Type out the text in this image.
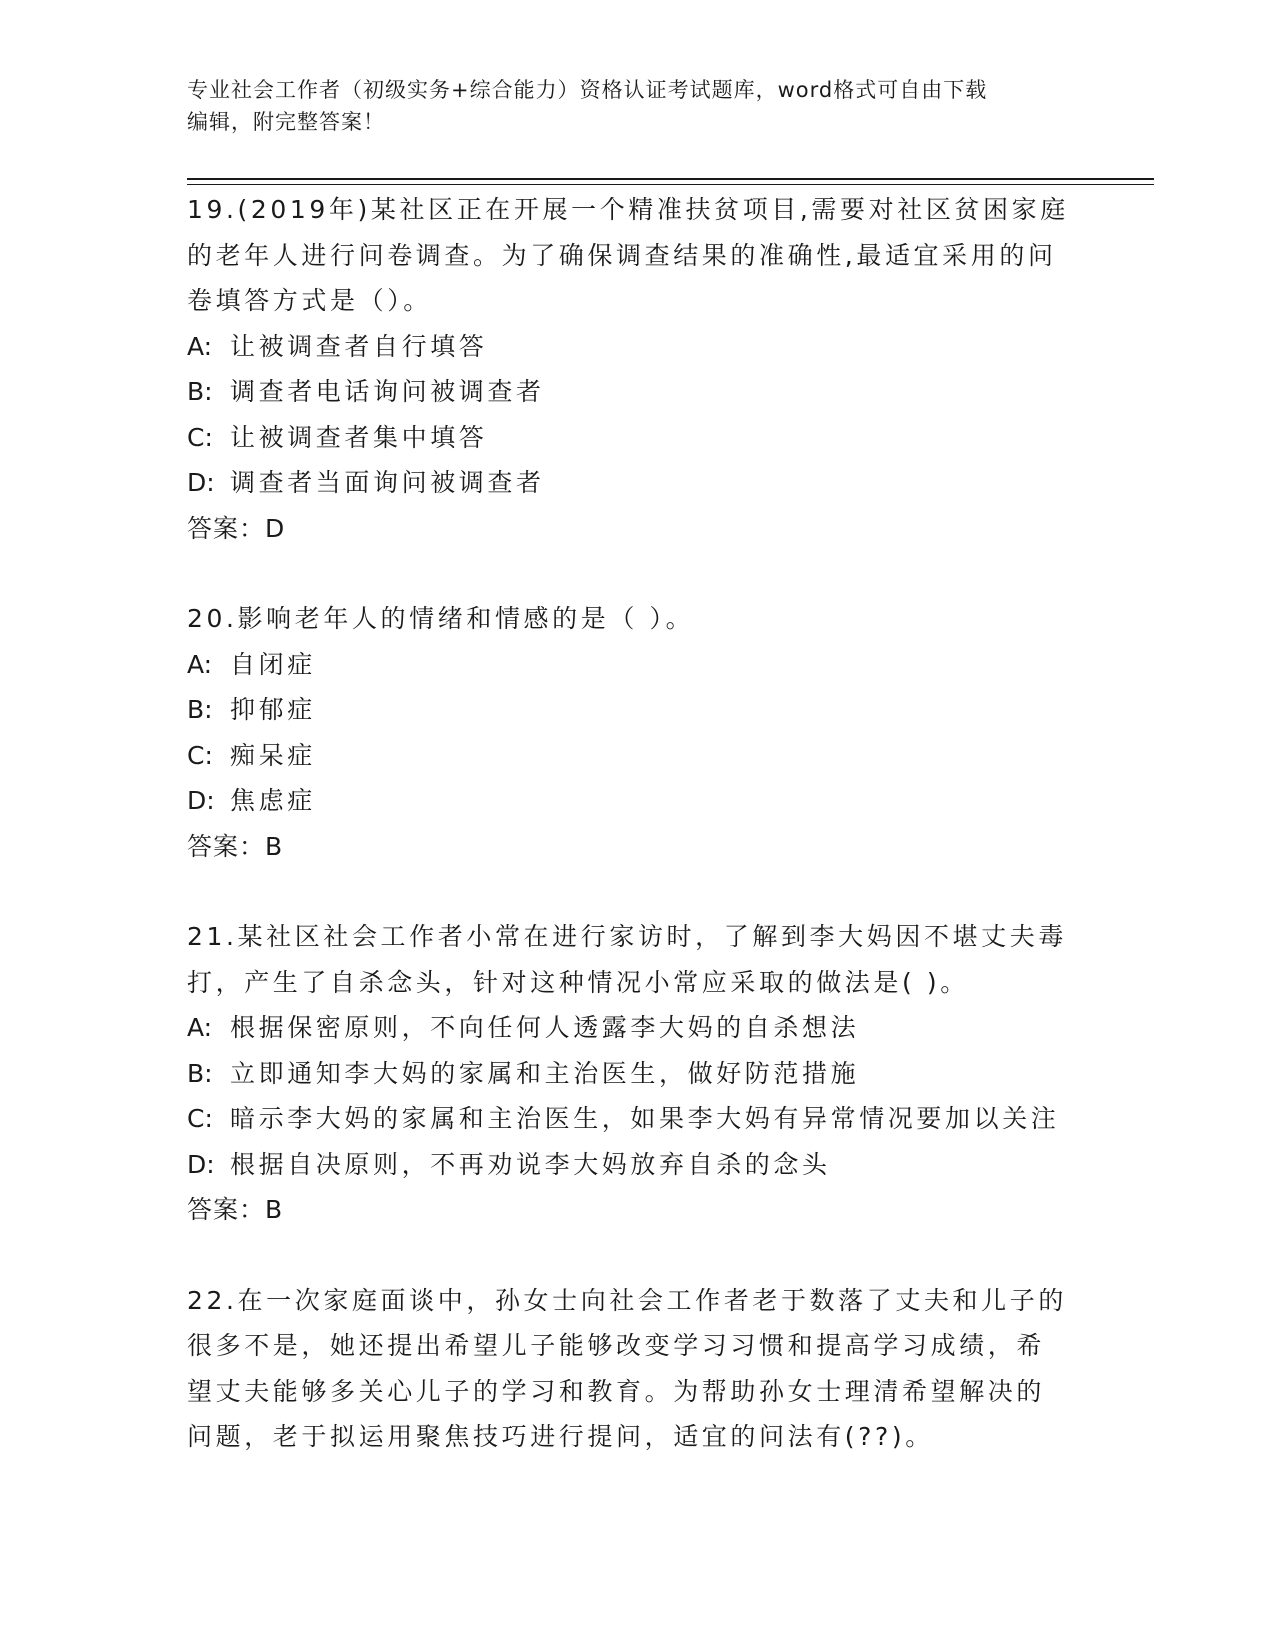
专业社会工作者（初级实务+综合能力）资格认证考试题库，word格式可自由下载
编辑，附完整答案！
19.(2019年)某社区正在开展一个精准扶贫项目,需要对社区贫困家庭
的老年人进行问卷调查。为了确保调查结果的准确性,最适宜采用的问
卷填答方式是（）。
A: 让被调查者自行填答
B: 调查者电话询问被调查者
C: 让被调查者集中填答
D: 调查者当面询问被调查者
答案：D
20.影响老年人的情绪和情感的是（ ）。
A: 自闭症
B: 抑郁症
C: 痴呆症
D: 焦虑症
答案：B
21.某社区社会工作者小常在进行家访时，了解到李大妈因不堪丈夫毒
打，产生了自杀念头，针对这种情况小常应采取的做法是( )。
A: 根据保密原则，不向任何人透露李大妈的自杀想法
B: 立即通知李大妈的家属和主治医生，做好防范措施
C: 暗示李大妈的家属和主治医生，如果李大妈有异常情况要加以关注
D: 根据自决原则，不再劝说李大妈放弃自杀的念头
答案：B
22.在一次家庭面谈中，孙女士向社会工作者老于数落了丈夫和儿子的
很多不是，她还提出希望儿子能够改变学习习惯和提高学习成绩，希
望丈夫能够多关心儿子的学习和教育。为帮助孙女士理清希望解决的
问题，老于拟运用聚焦技巧进行提问，适宜的问法有(??)。
